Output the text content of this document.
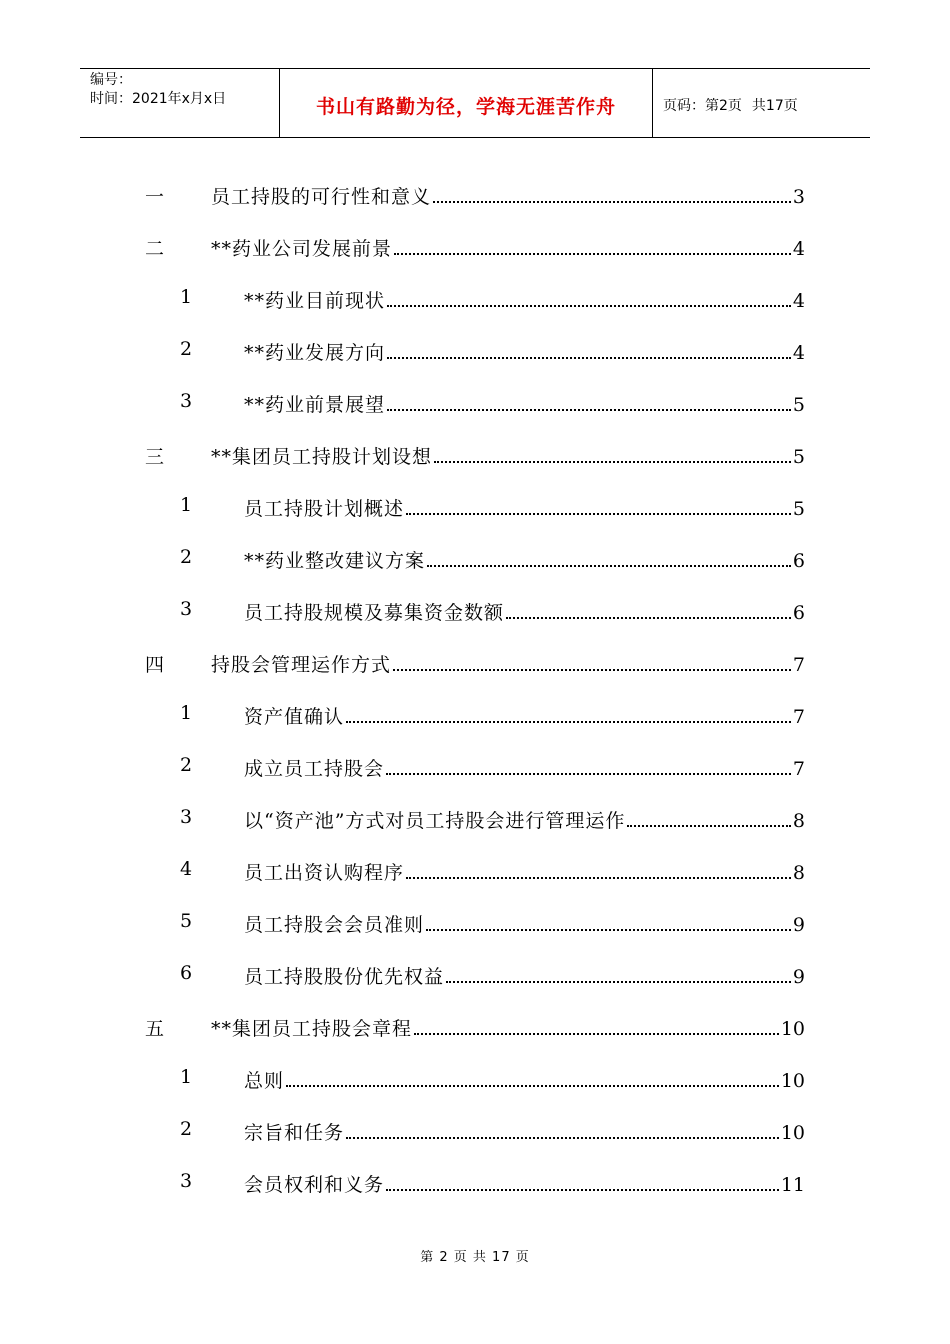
编号：
时间：2021年x月x日	书山有路勤为径，学海无涯苦作舟	页码：第2页 共17页
一 员工持股的可行性和意义	3
二 **药业公司发展前景	4
1	**药业目前现状	4
2	**药业发展方向	4
3	**药业前景展望	5
三 **集团员工持股计划设想	5
1	员工持股计划概述	5
2	**药业整改建议方案	6
3	员工持股规模及募集资金数额	6
四 持股会管理运作方式	7
1	资产值确认	7
2	成立员工持股会	7
3	以“资产池”方式对员工持股会进行管理运作	8
4	员工出资认购程序	8
5	员工持股会会员准则	9
6	员工持股股份优先权益	9
五 **集团员工持股会章程	10
1	总则	10
2	宗旨和任务	10
3	会员权利和义务	11
第 2 页 共 17 页
